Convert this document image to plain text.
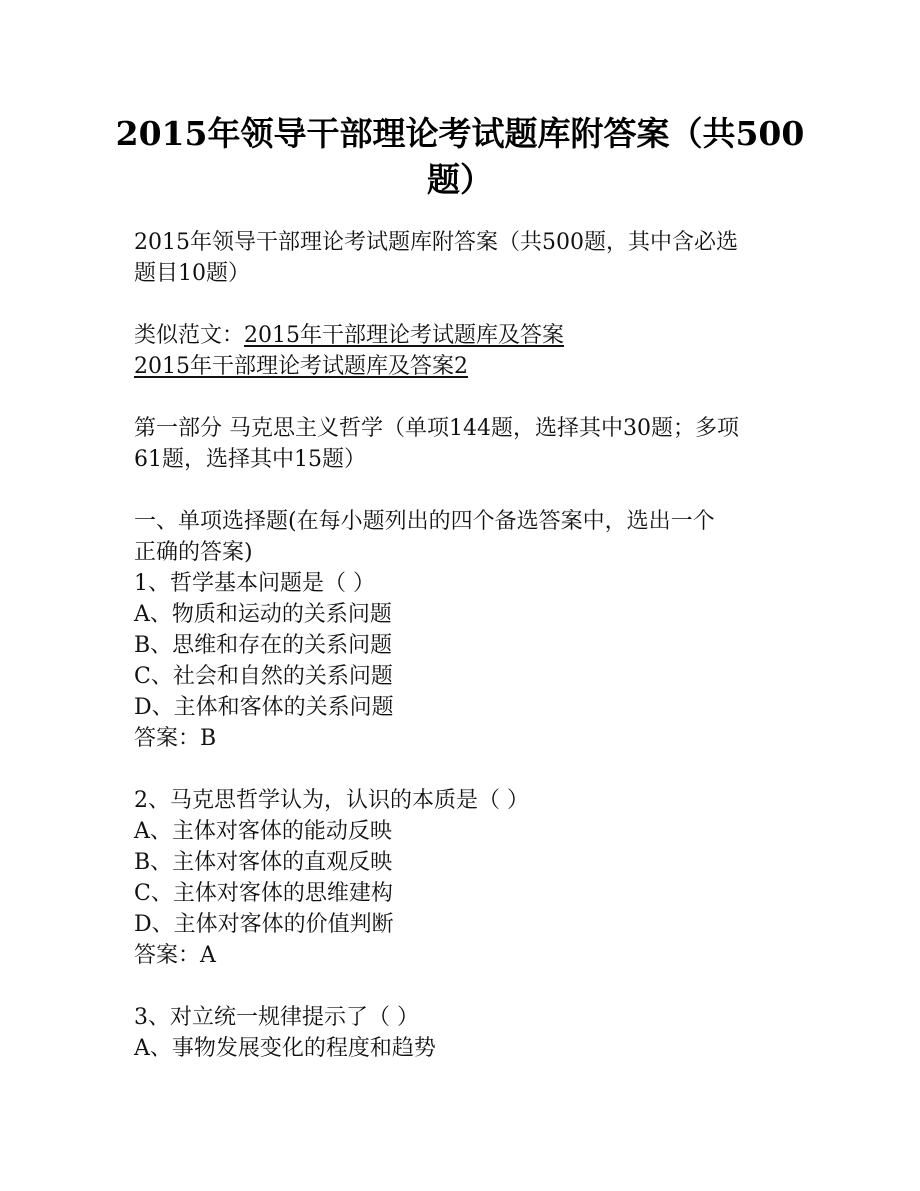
2015年领导干部理论考试题库附答案（共500
题）
2015年领导干部理论考试题库附答案（共500题，其中含必选
题目10题）
类似范文：2015年干部理论考试题库及答案
2015年干部理论考试题库及答案2
第一部分 马克思主义哲学（单项144题，选择其中30题；多项
61题，选择其中15题）
一、单项选择题(在每小题列出的四个备选答案中，选出一个
正确的答案)
1、哲学基本问题是（ ）
A、物质和运动的关系问题
B、思维和存在的关系问题
C、社会和自然的关系问题
D、主体和客体的关系问题
答案：B
2、马克思哲学认为，认识的本质是（ ）
A、主体对客体的能动反映
B、主体对客体的直观反映
C、主体对客体的思维建构
D、主体对客体的价值判断
答案：A
3、对立统一规律提示了（ ）
A、事物发展变化的程度和趋势
